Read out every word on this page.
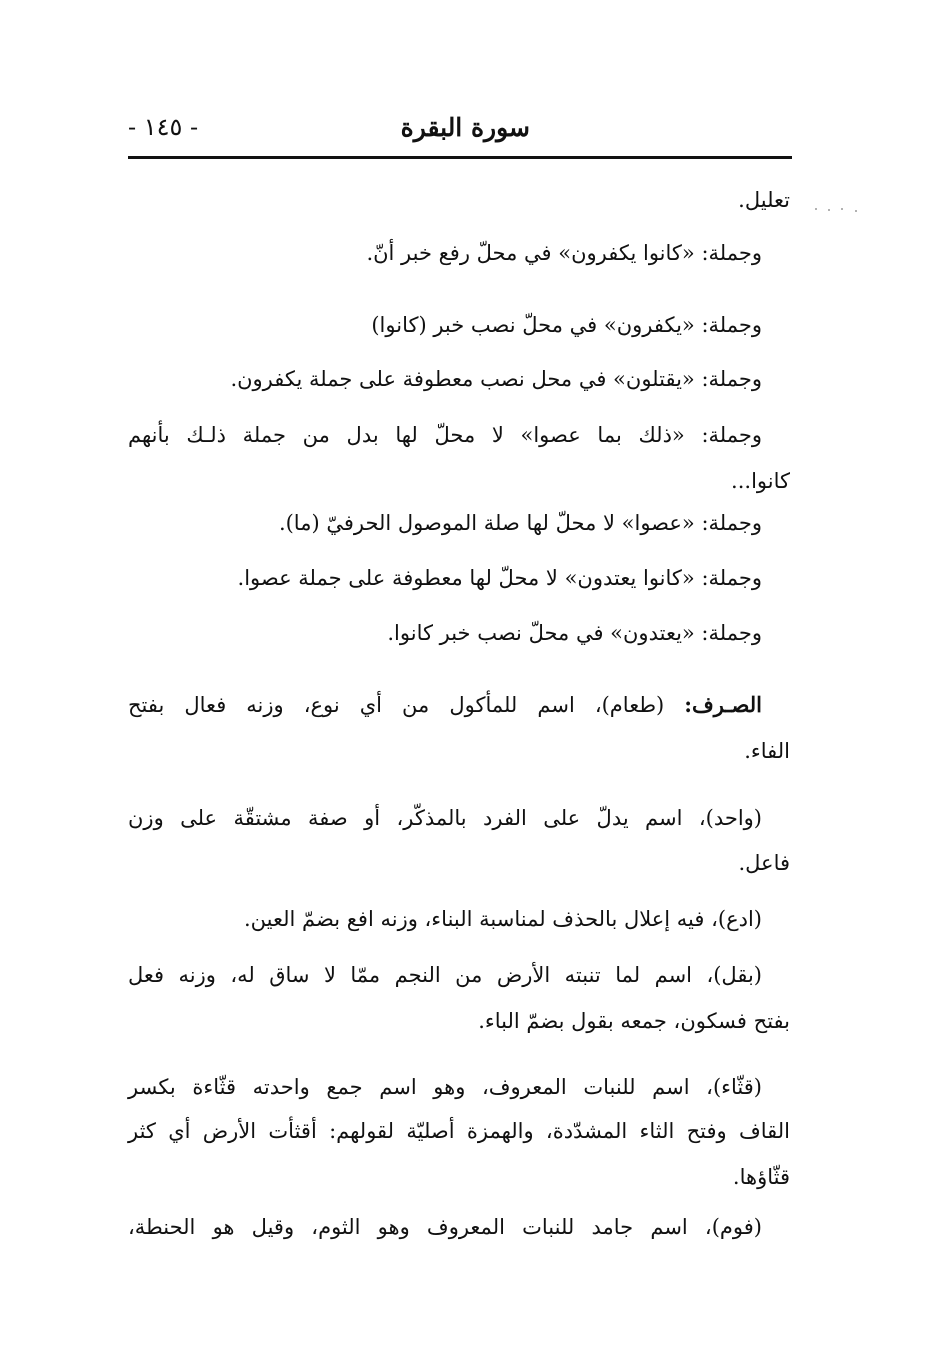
سورة البقرة
- ١٤٥ -
تعليل.
وجملة: «كانوا يكفرون» في محلّ رفع خبر أنّ.
وجملة: «يكفرون» في محلّ نصب خبر (كانوا)
وجملة: «يقتلون» في محل نصب معطوفة على جملة يكفرون.
وجملة: «ذلك بما عصوا» لا محلّ لها بدل من جملة ذلـك بأنهم
كانوا...
وجملة: «عصوا» لا محلّ لها صلة الموصول الحرفيّ (ما).
وجملة: «كانوا يعتدون» لا محلّ لها معطوفة على جملة عصوا.
وجملة: «يعتدون» في محلّ نصب خبر كانوا.
الصـرف: (طعام)، اسم للمأكول من أي نوع، وزنه فعال بفتح
الفاء.
(واحد)، اسم يدلّ على الفرد بالمذكّر، أو صفة مشتقّة على وزن
فاعل.
(ادع)، فيه إعلال بالحذف لمناسبة البناء، وزنه افع بضمّ العين.
(بقل)، اسم لما تنبته الأرض من النجم ممّا لا ساق له، وزنه فعل
بفتح فسكون، جمعه بقول بضمّ الباء.
(قثّاء)، اسم للنبات المعروف، وهو اسم جمع واحدته قثّاءة بكسر
القاف وفتح الثاء المشدّدة، والهمزة أصليّة لقولهم: أقثأت الأرض أي كثر
قثّاؤها.
(فوم)، اسم جامد للنبات المعروف وهو الثوم، وقيل هو الحنطة،
